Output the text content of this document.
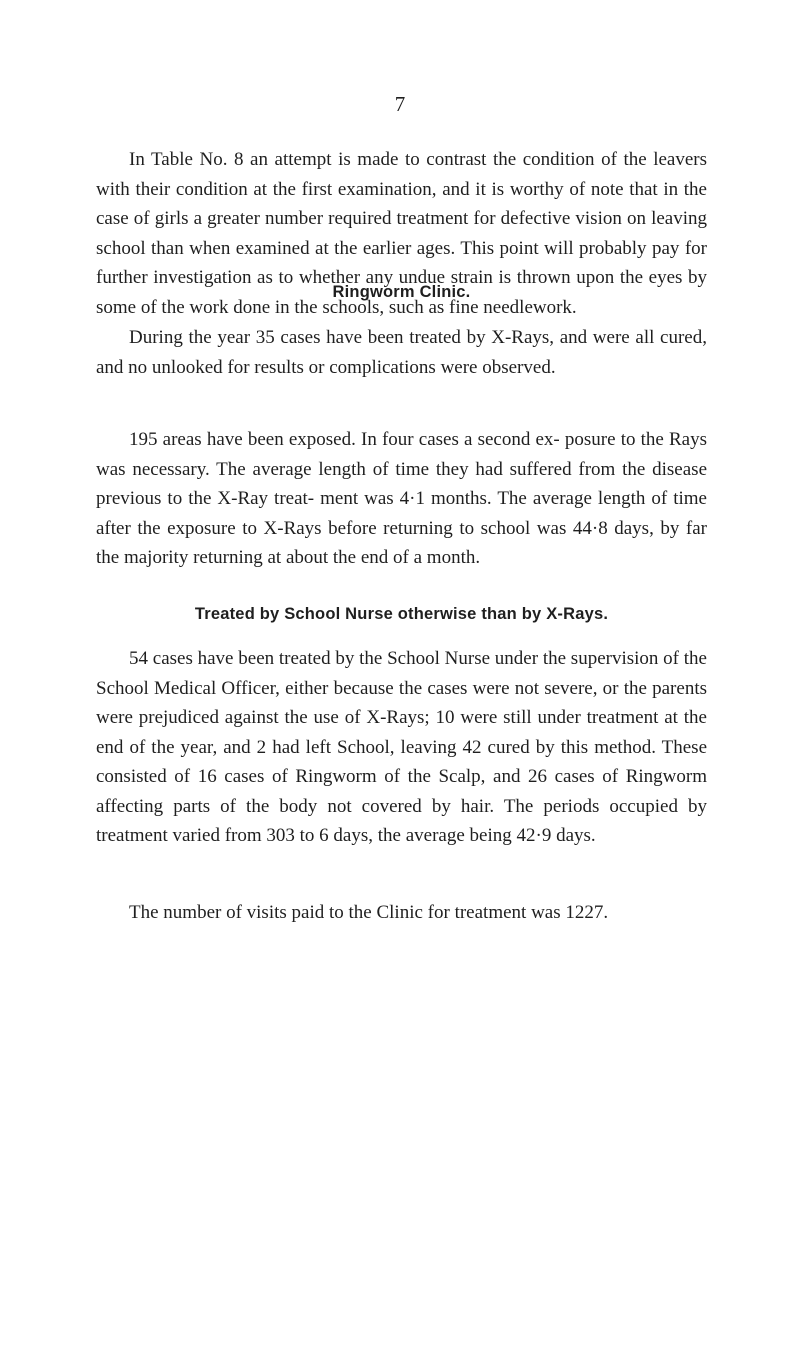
7

In Table No. 8 an attempt is made to contrast the condition of the leavers with their condition at the first examination, and it is worthy of note that in the case of girls a greater number required treatment for defective vision on leaving school than when examined at the earlier ages. This point will probably pay for further investigation as to whether any undue strain is thrown upon the eyes by some of the work done in the schools, such as fine needlework.

Ringworm Clinic.

During the year 35 cases have been treated by X-Rays, and were all cured, and no unlooked for results or complications were observed.

195 areas have been exposed. In four cases a second ex- posure to the Rays was necessary. The average length of time they had suffered from the disease previous to the X-Ray treat- ment was 4·1 months. The average length of time after the exposure to X-Rays before returning to school was 44·8 days, by far the majority returning at about the end of a month.

Treated by School Nurse otherwise than by X-Rays.

54 cases have been treated by the School Nurse under the supervision of the School Medical Officer, either because the cases were not severe, or the parents were prejudiced against the use of X-Rays; 10 were still under treatment at the end of the year, and 2 had left School, leaving 42 cured by this method. These consisted of 16 cases of Ringworm of the Scalp, and 26 cases of Ringworm affecting parts of the body not covered by hair. The periods occupied by treatment varied from 303 to 6 days, the average being 42·9 days.

The number of visits paid to the Clinic for treatment was 1227.
